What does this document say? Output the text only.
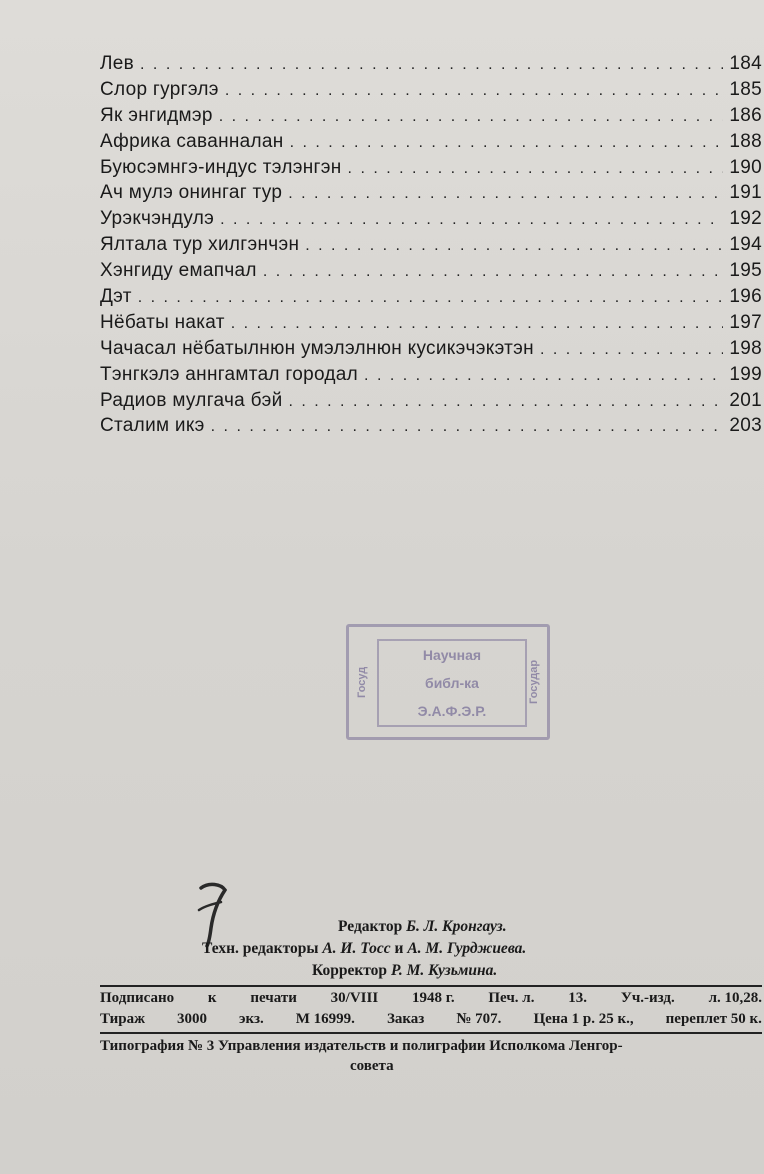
Лев . . .	184
Слор гургэлэ . . .	185
Як энгидмэр . . .	186
Африка саванналан . . .	188
Буюсэмнгэ-индус тэлэнгэн . . .	190
Ач мулэ онингаг тур . . .	191
Урэкчэндулэ . . .	192
Ялтала тур хилгэнчэн . . .	194
Хэнгиду емапчал . . .	195
Дэт . . .	196
Нёбаты накат . . .	197
Чачасал нёбатылнюн умэлэлнюн кусикэчэкэтэн . . .	198
Тэнгкэлэ аннгамтал городал . . .	199
Радиов мулгача бэй . . .	201
Сталим икэ . . .	203
Госуд
Научная
библ-ка
Э.А.Ф.Э.Р.
Государ
Редактор Б. Л. Кронгауз.
Техн. редакторы А. И. Тосс и А. М. Гурджиева.
Корректор Р. М. Кузьмина.
Подписано к печати 30/VIII 1948 г. Печ. л. 13. Уч.-изд. л. 10,28.
Тираж 3000 экз. М 16999. Заказ № 707. Цена 1 р. 25 к., переплет 50 к.
Типография № 3 Управления издательств и полиграфии Исполкома Ленгор-
совета
